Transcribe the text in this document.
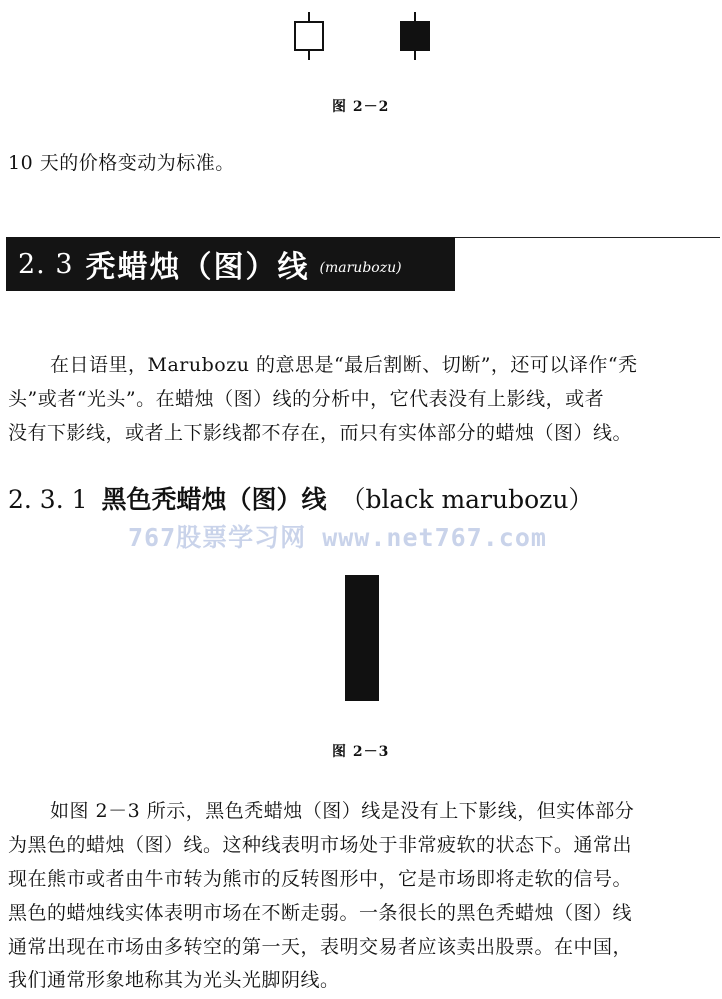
图 2－2
10 天的价格变动为标准。
2. 3 秃蜡烛（图）线 (marubozu)
在日语里，Marubozu 的意思是“最后割断、切断”，还可以译作“秃
头”或者“光头”。在蜡烛（图）线的分析中，它代表没有上影线，或者
没有下影线，或者上下影线都不存在，而只有实体部分的蜡烛（图）线。
2. 3. 1 黑色秃蜡烛（图）线 （black marubozu）
767股票学习网 www.net767.com
图 2－3
如图 2－3 所示，黑色秃蜡烛（图）线是没有上下影线，但实体部分
为黑色的蜡烛（图）线。这种线表明市场处于非常疲软的状态下。通常出
现在熊市或者由牛市转为熊市的反转图形中，它是市场即将走软的信号。
黑色的蜡烛线实体表明市场在不断走弱。一条很长的黑色秃蜡烛（图）线
通常出现在市场由多转空的第一天，表明交易者应该卖出股票。在中国，
我们通常形象地称其为光头光脚阴线。
